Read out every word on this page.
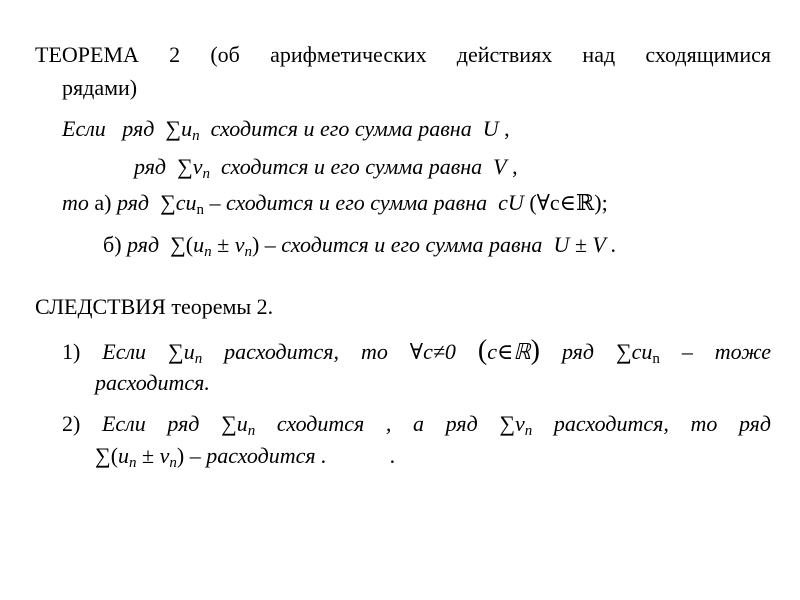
ТЕОРЕМА 2 (об арифметических действиях над сходящимися
рядами)
Если ряд $\sum u_n$ сходится и его сумма равна U ,
ряд $\sum v_n$ сходится и его сумма равна V ,
то а) ряд $\sum cu_n$ – сходится и его сумма равна cU (∀c∈ℝ);
б) ряд $\sum(u_n \pm v_n)$ – сходится и его сумма равна U ± V .
СЛЕДСТВИЯ теоремы 2.
1) Если $\sum u_n$ расходится, то ∀c≠0 (c∈ℝ) ряд $\sum cu_n$ – тоже
расходится.
2) Если ряд $\sum u_n$ сходится , а ряд $\sum v_n$ расходится, то ряд
$\sum(u_n \pm v_n)$ – расходится .	.
